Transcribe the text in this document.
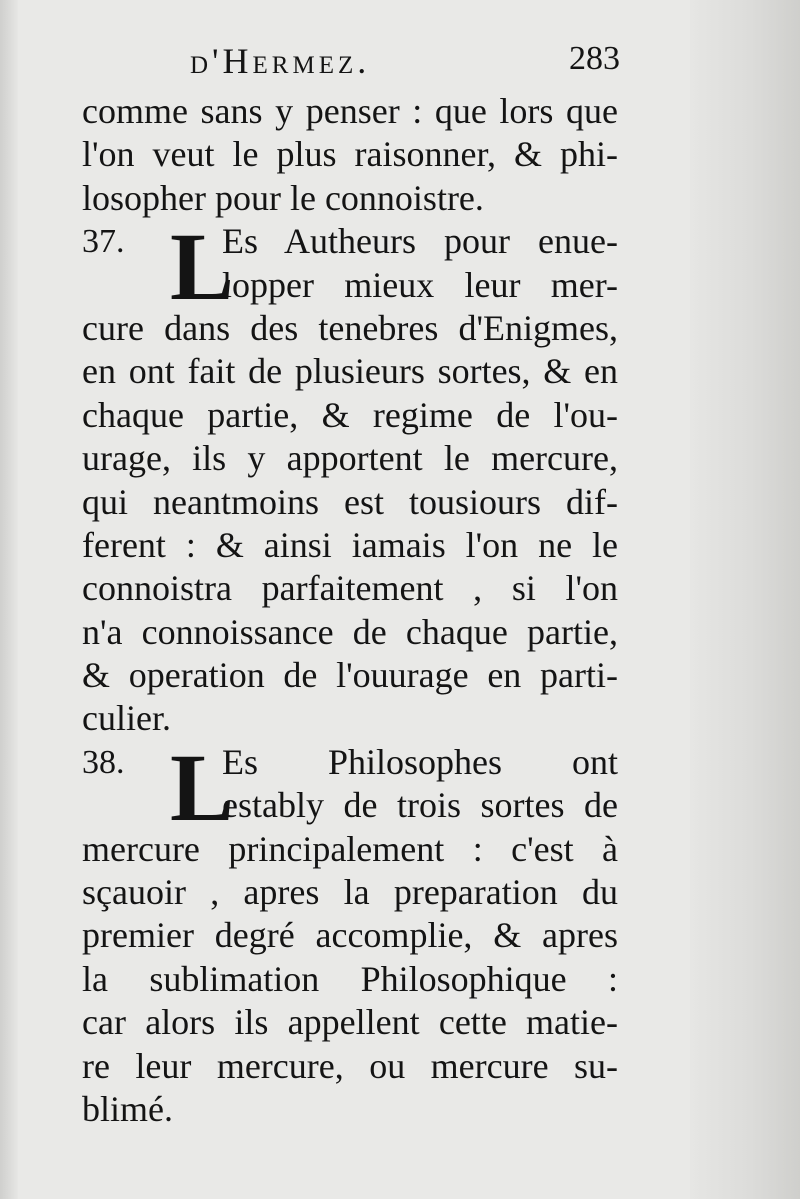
d'Hermez.	283
comme sans y penser : que lors que
l'on veut le plus raisonner, & phi-
losopher pour le connoistre.
37. L
Es Autheurs pour enue-
lopper mieux leur mer-
cure dans des tenebres d'Enigmes,
en ont fait de plusieurs sortes, & en
chaque partie, & regime de l'ou-
urage, ils y apportent le mercure,
qui neantmoins est tousiours dif-
ferent : & ainsi iamais l'on ne le
connoistra parfaitement , si l'on
n'a connoissance de chaque partie,
& operation de l'ouurage en parti-
culier.
38. L
Es Philosophes ont
estably de trois sortes de
mercure principalement : c'est à
sçauoir , apres la preparation du
premier degré accomplie, & apres
la sublimation Philosophique :
car alors ils appellent cette matie-
re leur mercure, ou mercure su-
blimé.
